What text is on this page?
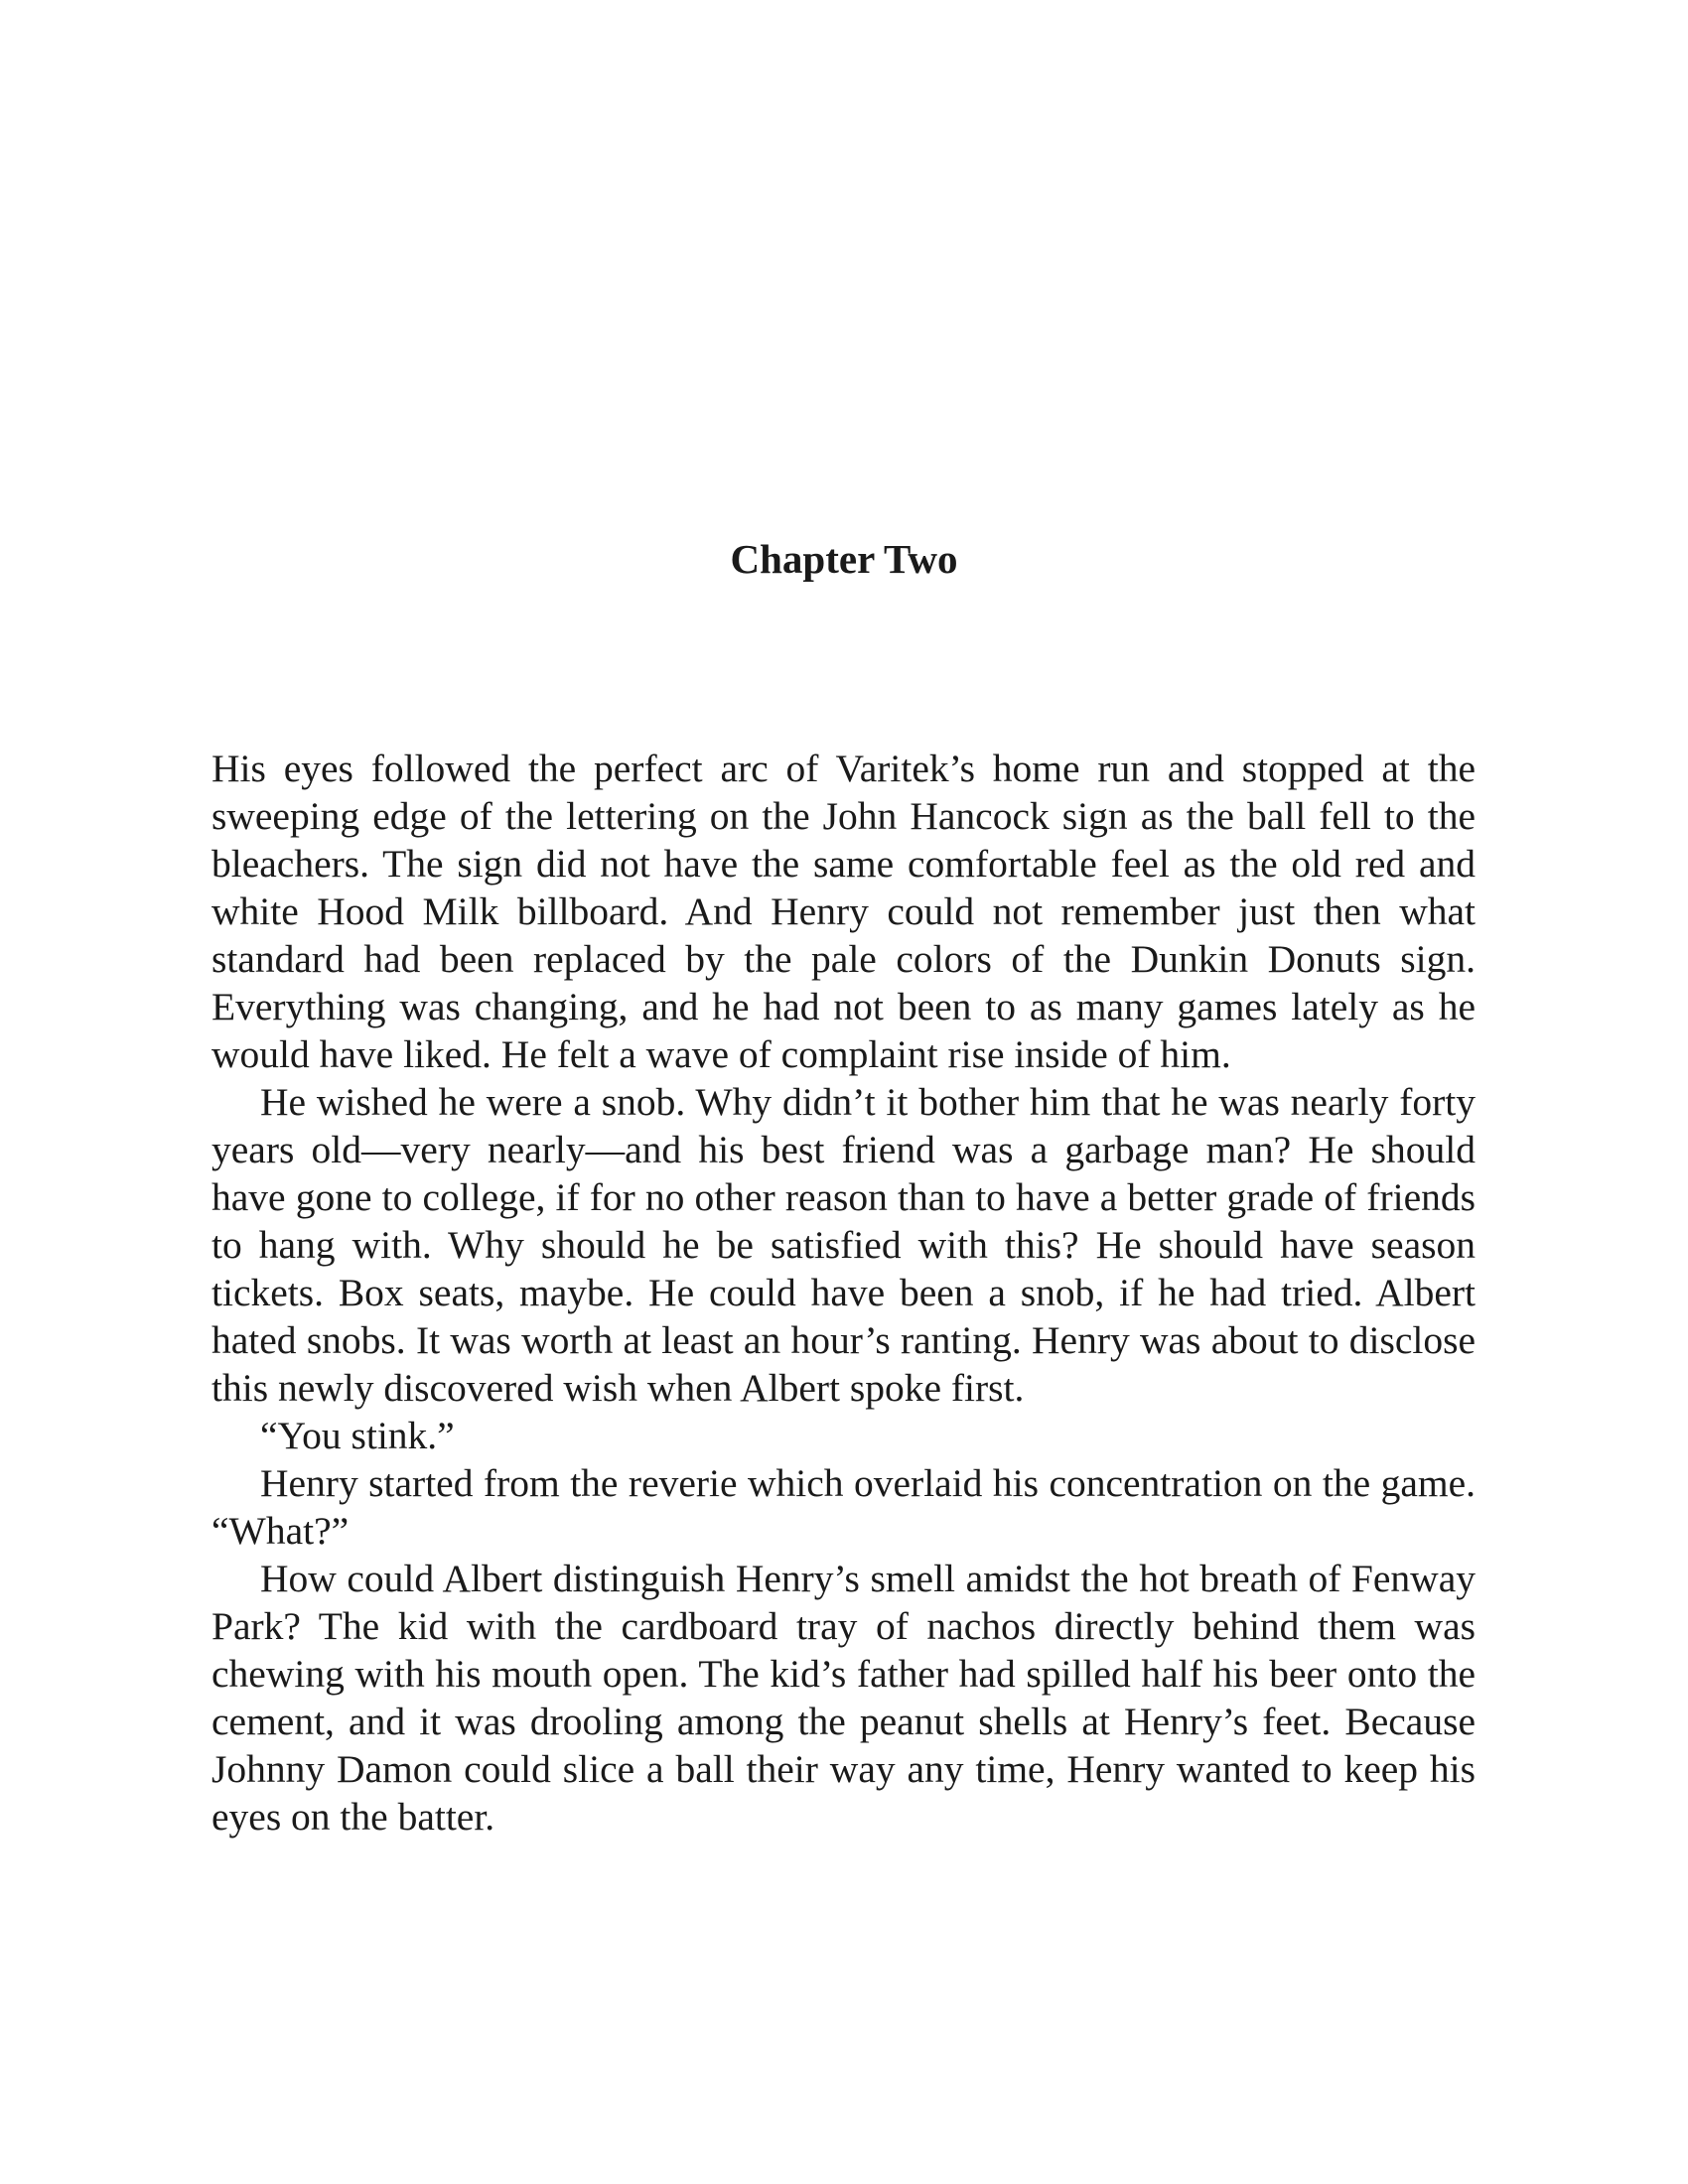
Chapter Two

His eyes followed the perfect arc of Varitek’s home run and stopped at the sweeping edge of the lettering on the John Hancock sign as the ball fell to the bleachers. The sign did not have the same comfortable feel as the old red and white Hood Milk billboard. And Henry could not remember just then what standard had been replaced by the pale colors of the Dunkin Donuts sign. Everything was changing, and he had not been to as many games lately as he would have liked. He felt a wave of complaint rise inside of him.

He wished he were a snob. Why didn’t it bother him that he was nearly forty years old—very nearly—and his best friend was a garbage man? He should have gone to college, if for no other reason than to have a better grade of friends to hang with. Why should he be satisfied with this? He should have season tickets. Box seats, maybe. He could have been a snob, if he had tried. Albert hated snobs. It was worth at least an hour’s ranting. Henry was about to disclose this newly discovered wish when Albert spoke first.

“You stink.”

Henry started from the reverie which overlaid his concentration on the game. “What?”

How could Albert distinguish Henry’s smell amidst the hot breath of Fenway Park? The kid with the cardboard tray of nachos directly behind them was chewing with his mouth open. The kid’s father had spilled half his beer onto the cement, and it was drooling among the peanut shells at Henry’s feet. Because Johnny Damon could slice a ball their way any time, Henry wanted to keep his eyes on the batter.
